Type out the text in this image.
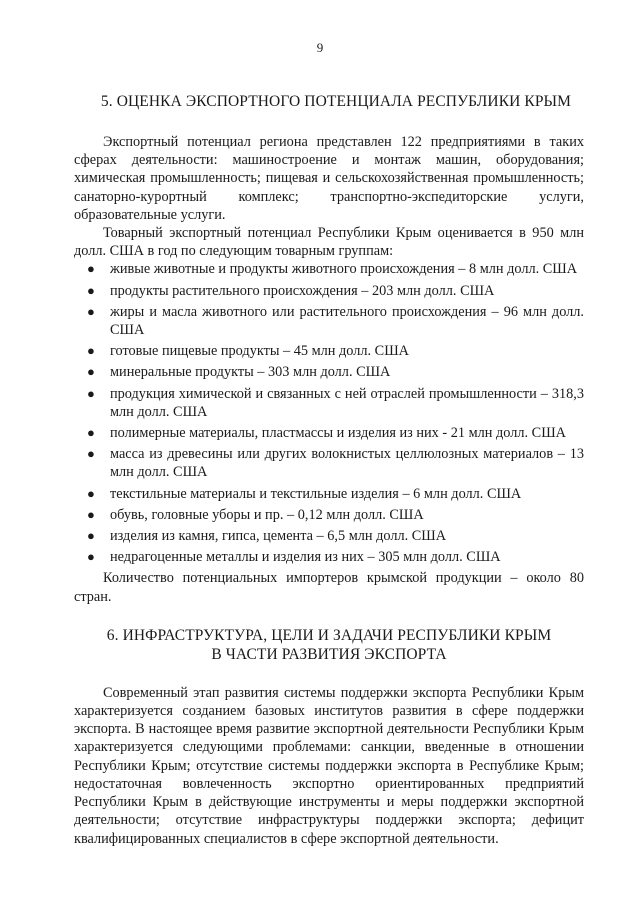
9
5. ОЦЕНКА ЭКСПОРТНОГО ПОТЕНЦИАЛА РЕСПУБЛИКИ КРЫМ

Экспортный потенциал региона представлен 122 предприятиями в таких сферах деятельности: машиностроение и монтаж машин, оборудования; химическая промышленность; пищевая и сельскохозяйственная промышленность; санаторно-курортный комплекс; транспортно-экспедиторские услуги, образовательные услуги.

Товарный экспортный потенциал Республики Крым оценивается в 950 млн долл. США в год по следующим товарным группам:

● живые животные и продукты животного происхождения – 8 млн долл. США
● продукты растительного происхождения – 203 млн долл. США
● жиры и масла животного или растительного происхождения – 96 млн долл. США
● готовые пищевые продукты – 45 млн долл. США
● минеральные продукты – 303 млн долл. США
● продукция химической и связанных с ней отраслей промышленности – 318,3 млн долл. США
● полимерные материалы, пластмассы и изделия из них - 21 млн долл. США
● масса из древесины или других волокнистых целлюлозных материалов – 13 млн долл. США
● текстильные материалы и текстильные изделия – 6 млн долл. США
● обувь, головные уборы и пр. – 0,12 млн долл. США
● изделия из камня, гипса, цемента – 6,5 млн долл. США
● недрагоценные металлы и изделия из них – 305 млн долл. США

Количество потенциальных импортеров крымской продукции – около 80 стран.

6. ИНФРАСТРУКТУРА, ЦЕЛИ И ЗАДАЧИ РЕСПУБЛИКИ КРЫМ
В ЧАСТИ РАЗВИТИЯ ЭКСПОРТА

Современный этап развития системы поддержки экспорта Республики Крым характеризуется созданием базовых институтов развития в сфере поддержки экспорта. В настоящее время развитие экспортной деятельности Республики Крым характеризуется следующими проблемами: санкции, введенные в отношении Республики Крым; отсутствие системы поддержки экспорта в Республике Крым; недостаточная вовлеченность экспортно ориентированных предприятий Республики Крым в действующие инструменты и меры поддержки экспортной деятельности; отсутствие инфраструктуры поддержки экспорта; дефицит квалифицированных специалистов в сфере экспортной деятельности.
